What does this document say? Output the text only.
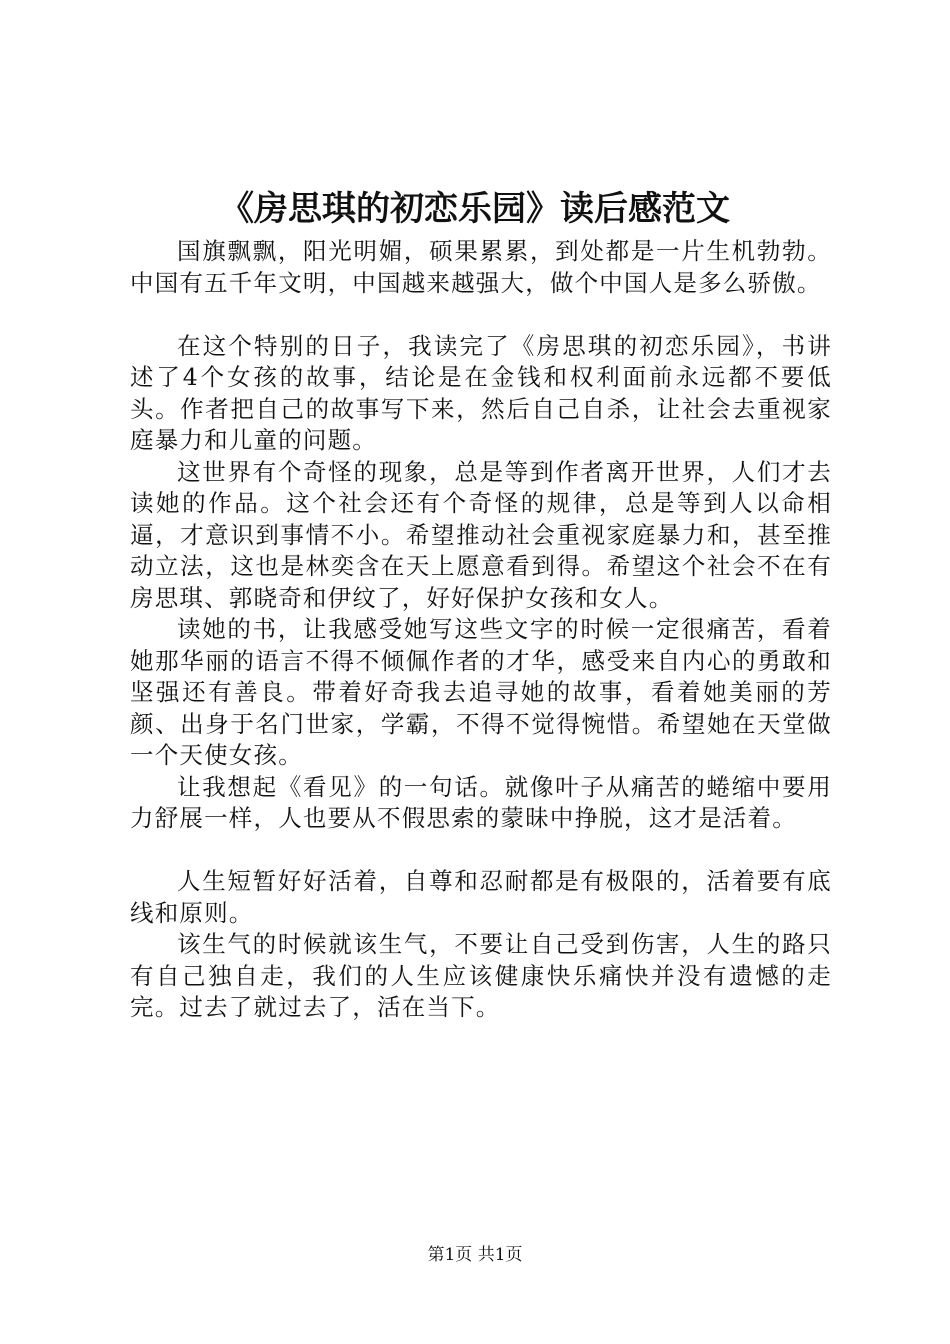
《房思琪的初恋乐园》读后感范文

国旗飘飘，阳光明媚，硕果累累，到处都是一片生机勃勃。中国有五千年文明，中国越来越强大，做个中国人是多么骄傲。

在这个特别的日子，我读完了《房思琪的初恋乐园》，书讲述了4个女孩的故事，结论是在金钱和权利面前永远都不要低头。作者把自己的故事写下来，然后自己自杀，让社会去重视家庭暴力和儿童的问题。

这世界有个奇怪的现象，总是等到作者离开世界，人们才去读她的作品。这个社会还有个奇怪的规律，总是等到人以命相逼，才意识到事情不小。希望推动社会重视家庭暴力和，甚至推动立法，这也是林奕含在天上愿意看到得。希望这个社会不在有房思琪、郭晓奇和伊纹了，好好保护女孩和女人。

读她的书，让我感受她写这些文字的时候一定很痛苦，看着她那华丽的语言不得不倾佩作者的才华，感受来自内心的勇敢和坚强还有善良。带着好奇我去追寻她的故事，看着她美丽的芳颜、出身于名门世家，学霸，不得不觉得惋惜。希望她在天堂做一个天使女孩。

让我想起《看见》的一句话。就像叶子从痛苦的蜷缩中要用力舒展一样，人也要从不假思索的蒙昧中挣脱，这才是活着。

人生短暂好好活着，自尊和忍耐都是有极限的，活着要有底线和原则。

该生气的时候就该生气，不要让自己受到伤害，人生的路只有自己独自走，我们的人生应该健康快乐痛快并没有遗憾的走完。过去了就过去了，活在当下。

第1页 共1页
